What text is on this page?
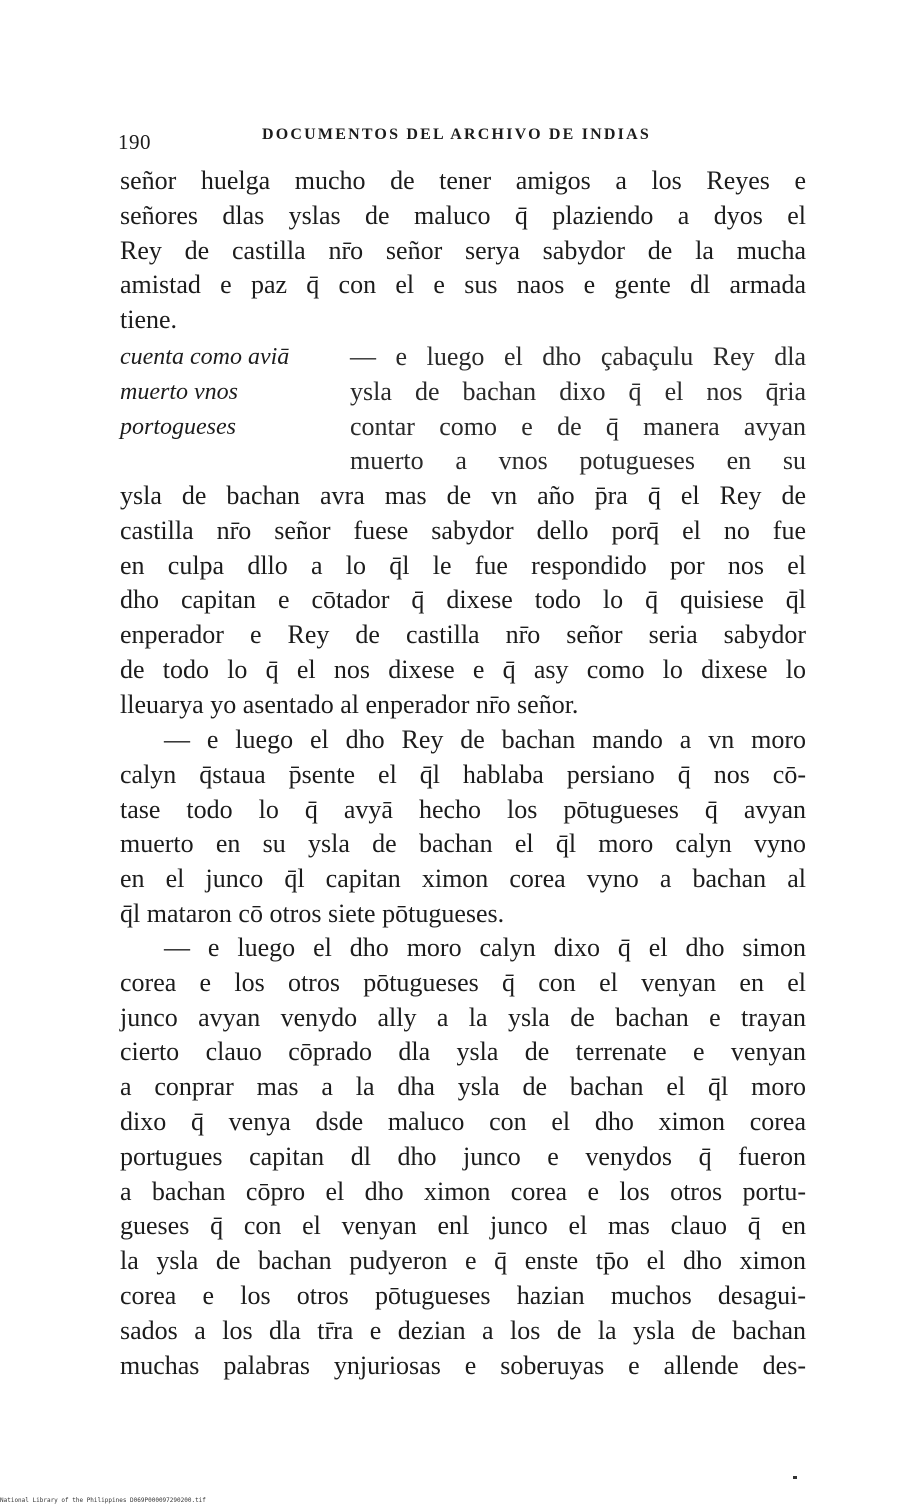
190	DOCUMENTOS DEL ARCHIVO DE INDIAS
señor huelga mucho de tener amigos a los Reyes e
señores dlas yslas de maluco q̄ plaziendo a dyos el
Rey de castilla nr̄o señor serya sabydor de la mucha
amistad e paz q̄ con el e sus naos e gente dl armada
tiene.
cuenta como aviā
muerto vnos
portogueses
— e luego el dho çabaçulu Rey dla
ysla de bachan dixo q̄ el nos q̄ria
contar como e de q̄ manera avyan
muerto a vnos potugueses en su
ysla de bachan avra mas de vn año p̄ra q̄ el Rey de
castilla nr̄o señor fuese sabydor dello porq̄ el no fue
en culpa dllo a lo q̄l le fue respondido por nos el
dho capitan e cōtador q̄ dixese todo lo q̄ quisiese q̄l
enperador e Rey de castilla nr̄o señor seria sabydor
de todo lo q̄ el nos dixese e q̄ asy como lo dixese lo
lleuarya yo asentado al enperador nr̄o señor.
— e luego el dho Rey de bachan mando a vn moro
calyn q̄staua p̄sente el q̄l hablaba persiano q̄ nos cō-
tase todo lo q̄ avyā hecho los pōtugueses q̄ avyan
muerto en su ysla de bachan el q̄l moro calyn vyno
en el junco q̄l capitan ximon corea vyno a bachan al
q̄l mataron cō otros siete pōtugueses.
— e luego el dho moro calyn dixo q̄ el dho simon
corea e los otros pōtugueses q̄ con el venyan en el
junco avyan venydo ally a la ysla de bachan e trayan
cierto clauo cōprado dla ysla de terrenate e venyan
a conprar mas a la dha ysla de bachan el q̄l moro
dixo q̄ venya dsde maluco con el dho ximon corea
portugues capitan dl dho junco e venydos q̄ fueron
a bachan cōpro el dho ximon corea e los otros portu-
gueses q̄ con el venyan enl junco el mas clauo q̄ en
la ysla de bachan pudyeron e q̄ enste tp̄o el dho ximon
corea e los otros pōtugueses hazian muchos desagui-
sados a los dla tr̄ra e dezian a los de la ysla de bachan
muchas palabras ynjuriosas e soberuyas e allende des-
National Library of the Philippines D069P000097290200.tif
